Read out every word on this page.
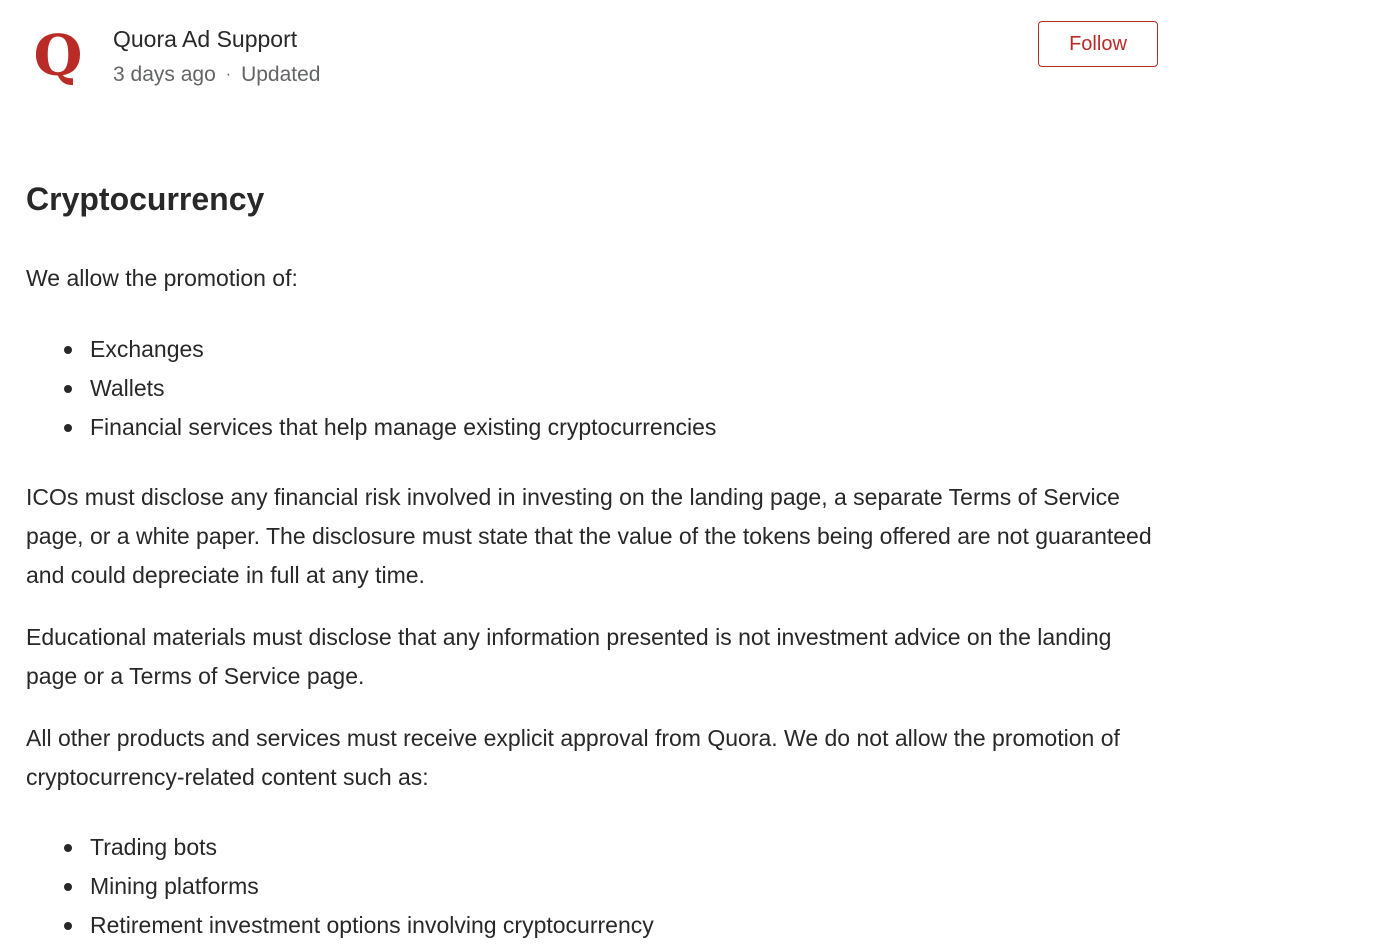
Q Quora Ad Support
3 days ago · Updated
Follow
Cryptocurrency

We allow the promotion of:

Exchanges
Wallets
Financial services that help manage existing cryptocurrencies

ICOs must disclose any financial risk involved in investing on the landing page, a separate Terms of Service page, or a white paper. The disclosure must state that the value of the tokens being offered are not guaranteed and could depreciate in full at any time.

Educational materials must disclose that any information presented is not investment advice on the landing page or a Terms of Service page.

All other products and services must receive explicit approval from Quora. We do not allow the promotion of cryptocurrency-related content such as:

Trading bots
Mining platforms
Retirement investment options involving cryptocurrency
